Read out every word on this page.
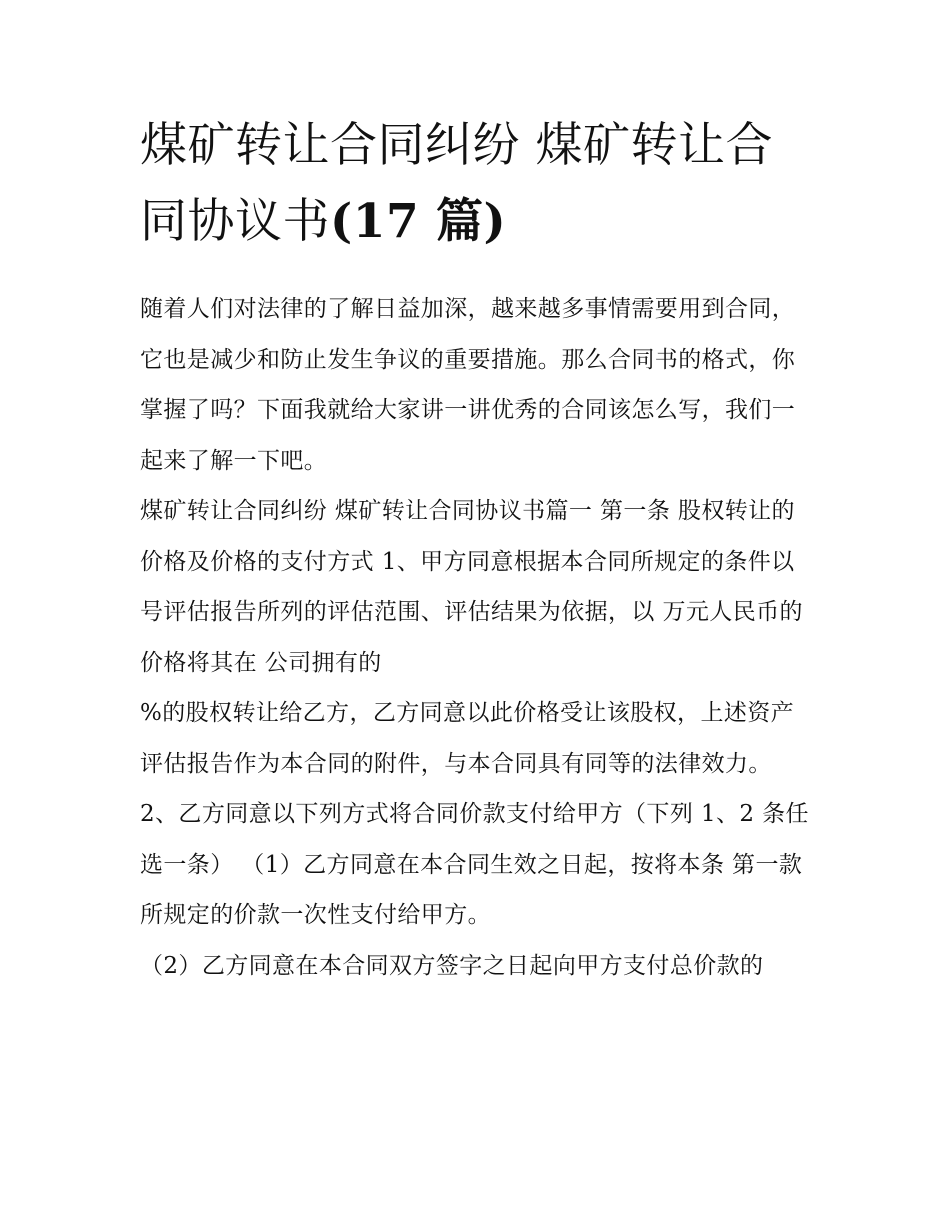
煤矿转让合同纠纷 煤矿转让合同协议书(17 篇)

随着人们对法律的了解日益加深，越来越多事情需要用到合同，它也是减少和防止发生争议的重要措施。那么合同书的格式，你掌握了吗？下面我就给大家讲一讲优秀的合同该怎么写，我们一起来了解一下吧。

煤矿转让合同纠纷 煤矿转让合同协议书篇一 第一条 股权转让的价格及价格的支付方式 1、甲方同意根据本合同所规定的条件以

号评估报告所列的评估范围、评估结果为依据，以 万元人民币的价格将其在 公司拥有的

%的股权转让给乙方，乙方同意以此价格受让该股权，上述资产评估报告作为本合同的附件，与本合同具有同等的法律效力。

2、乙方同意以下列方式将合同价款支付给甲方（下列 1、2 条任选一条） （1）乙方同意在本合同生效之日起，按将本条 第一款所规定的价款一次性支付给甲方。

（2）乙方同意在本合同双方签字之日起向甲方支付总价款的
